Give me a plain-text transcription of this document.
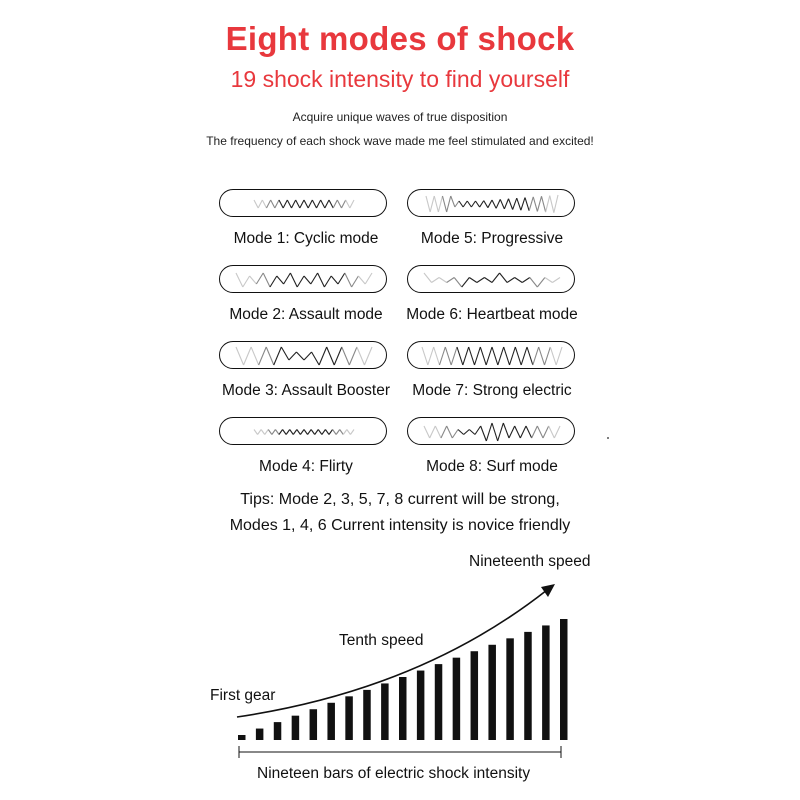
Eight modes of shock
19 shock intensity to find yourself
Acquire unique waves of true disposition
The frequency of each shock wave made me feel stimulated and excited!
Mode 1: Cyclic mode	Mode 5: Progressive
Mode 2: Assault mode	Mode 6: Heartbeat mode
Mode 3: Assault Booster	Mode 7: Strong electric
Mode 4: Flirty	Mode 8: Surf mode
Tips: Mode 2, 3, 5, 7, 8 current will be strong,
Modes 1, 4, 6 Current intensity is novice friendly
Nineteenth speed
Tenth speed
First gear
Nineteen bars of electric shock intensity
